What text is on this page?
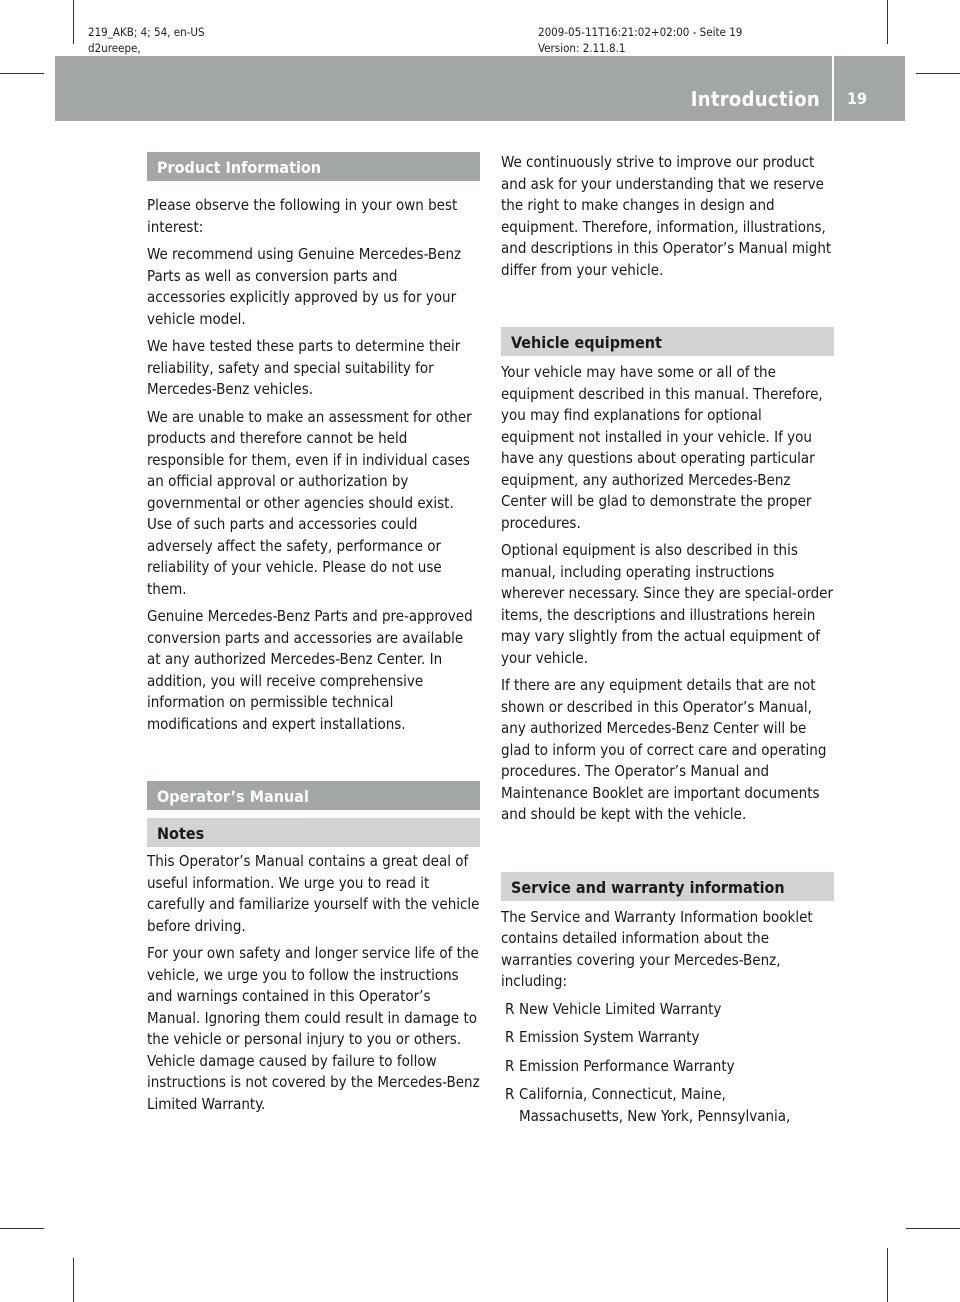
219_AKB; 4; 54, en-US
d2ureepe,
2009-05-11T16:21:02+02:00 - Seite 19
Version: 2.11.8.1
Introduction 19
Product Information

Please observe the following in your own best interest:

We recommend using Genuine Mercedes-Benz Parts as well as conversion parts and accessories explicitly approved by us for your vehicle model.

We have tested these parts to determine their reliability, safety and special suitability for Mercedes-Benz vehicles.

We are unable to make an assessment for other products and therefore cannot be held responsible for them, even if in individual cases an official approval or authorization by governmental or other agencies should exist. Use of such parts and accessories could adversely affect the safety, performance or reliability of your vehicle. Please do not use them.

Genuine Mercedes-Benz Parts and pre-approved conversion parts and accessories are available at any authorized Mercedes-Benz Center. In addition, you will receive comprehensive information on permissible technical modifications and expert installations.

Operator’s Manual
Notes

This Operator’s Manual contains a great deal of useful information. We urge you to read it carefully and familiarize yourself with the vehicle before driving.

For your own safety and longer service life of the vehicle, we urge you to follow the instructions and warnings contained in this Operator’s Manual. Ignoring them could result in damage to the vehicle or personal injury to you or others. Vehicle damage caused by failure to follow instructions is not covered by the Mercedes-Benz Limited Warranty.

We continuously strive to improve our product and ask for your understanding that we reserve the right to make changes in design and equipment. Therefore, information, illustrations, and descriptions in this Operator’s Manual might differ from your vehicle.

Vehicle equipment

Your vehicle may have some or all of the equipment described in this manual. Therefore, you may find explanations for optional equipment not installed in your vehicle. If you have any questions about operating particular equipment, any authorized Mercedes-Benz Center will be glad to demonstrate the proper procedures.

Optional equipment is also described in this manual, including operating instructions wherever necessary. Since they are special-order items, the descriptions and illustrations herein may vary slightly from the actual equipment of your vehicle.

If there are any equipment details that are not shown or described in this Operator’s Manual, any authorized Mercedes-Benz Center will be glad to inform you of correct care and operating procedures. The Operator’s Manual and Maintenance Booklet are important documents and should be kept with the vehicle.

Service and warranty information

The Service and Warranty Information booklet contains detailed information about the warranties covering your Mercedes-Benz, including:

R New Vehicle Limited Warranty
R Emission System Warranty
R Emission Performance Warranty
R California, Connecticut, Maine, Massachusetts, New York, Pennsylvania,
